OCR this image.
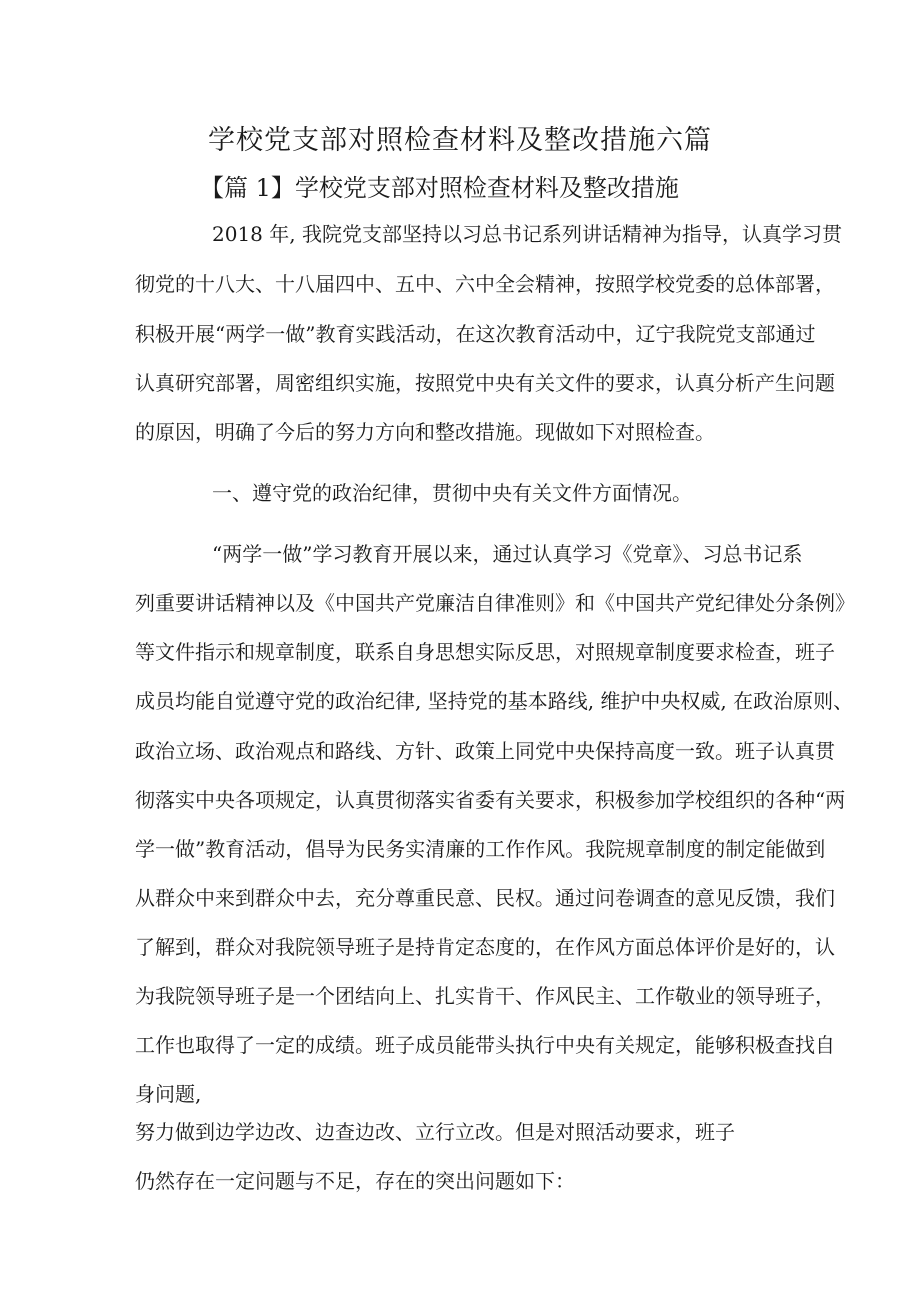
学校党支部对照检查材料及整改措施六篇
【篇 1】学校党支部对照检查材料及整改措施

2018 年, 我院党支部坚持以习总书记系列讲话精神为指导，认真学习贯

彻党的十八大、十八届四中、五中、六中全会精神，按照学校党委的总体部署，

积极开展“两学一做”教育实践活动，在这次教育活动中，辽宁我院党支部通过

认真研究部署，周密组织实施，按照党中央有关文件的要求，认真分析产生问题

的原因，明确了今后的努力方向和整改措施。现做如下对照检查。

一、遵守党的政治纪律，贯彻中央有关文件方面情况。

“两学一做”学习教育开展以来，通过认真学习《党章》、习总书记系

列重要讲话精神以及《中国共产党廉洁自律准则》和《中国共产党纪律处分条例》

等文件指示和规章制度，联系自身思想实际反思，对照规章制度要求检查，班子

成员均能自觉遵守党的政治纪律, 坚持党的基本路线, 维护中央权威, 在政治原则、

政治立场、政治观点和路线、方针、政策上同党中央保持高度一致。班子认真贯

彻落实中央各项规定，认真贯彻落实省委有关要求，积极参加学校组织的各种“两

学一做”教育活动，倡导为民务实清廉的工作作风。我院规章制度的制定能做到

从群众中来到群众中去，充分尊重民意、民权。通过问卷调查的意见反馈，我们

了解到，群众对我院领导班子是持肯定态度的，在作风方面总体评价是好的，认

为我院领导班子是一个团结向上、扎实肯干、作风民主、工作敬业的领导班子，

工作也取得了一定的成绩。班子成员能带头执行中央有关规定，能够积极查找自

身问题,

努力做到边学边改、边查边改、立行立改。但是对照活动要求，班子

仍然存在一定问题与不足，存在的突出问题如下：
